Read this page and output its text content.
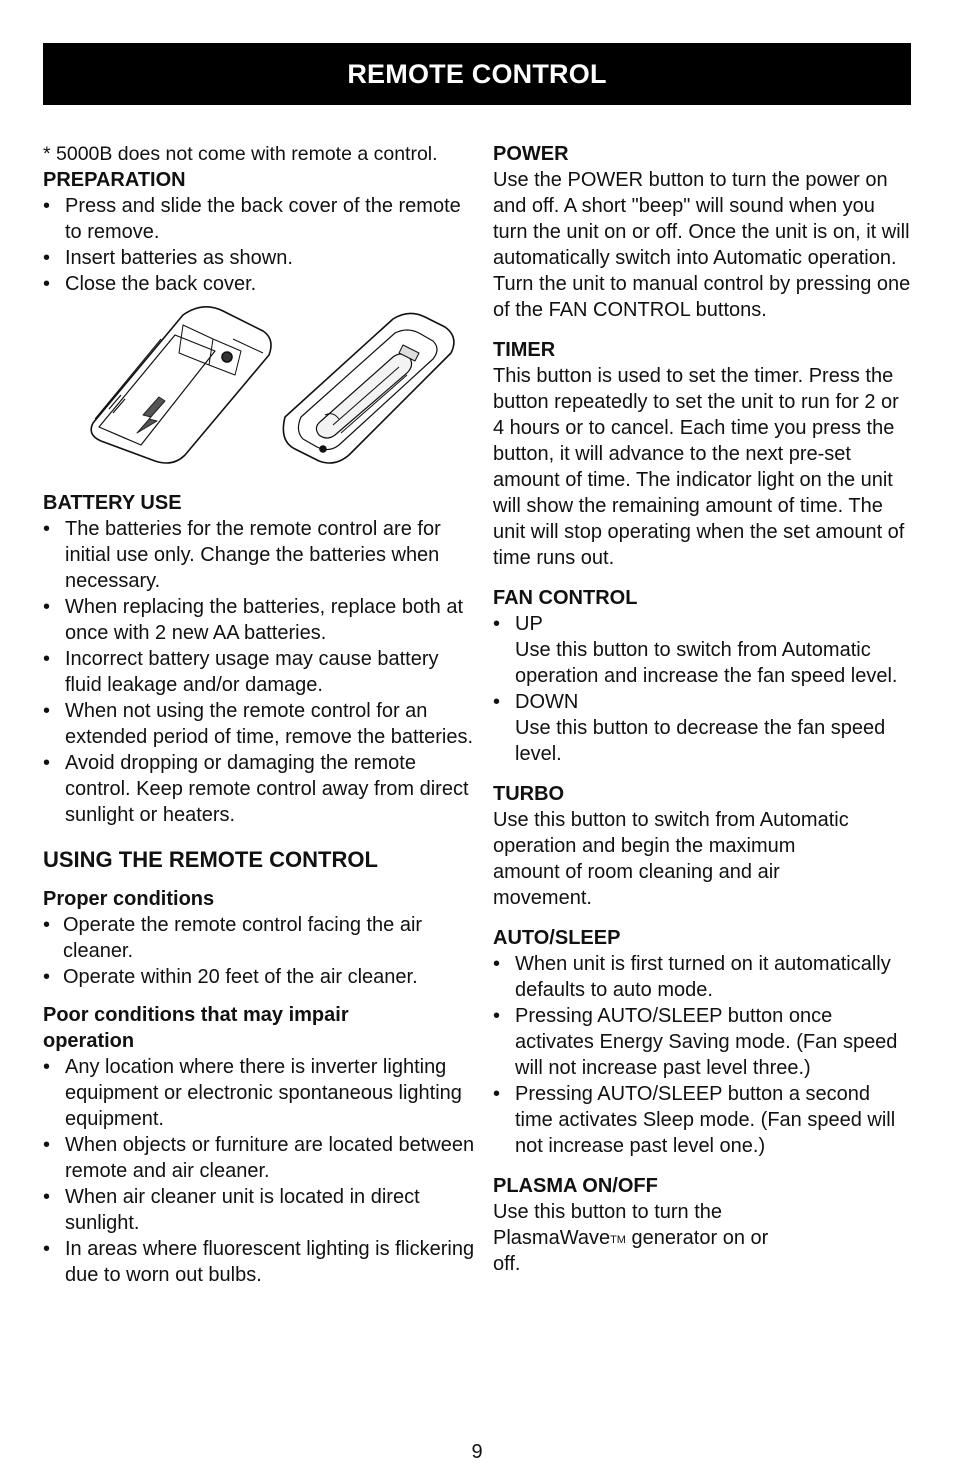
REMOTE CONTROL

* 5000B does not come with remote a control.

PREPARATION
• Press and slide the back cover of the remote to remove.
• Insert batteries as shown.
• Close the back cover.
BATTERY USE
• The batteries for the remote control are for initial use only. Change the batteries when necessary.
• When replacing the batteries, replace both at once with 2 new AA batteries.
• Incorrect battery usage may cause battery fluid leakage and/or damage.
• When not using the remote control for an extended period of time, remove the batteries.
• Avoid dropping or damaging the remote control. Keep remote control away from direct sunlight or heaters.
USING THE REMOTE CONTROL
Proper conditions
• Operate the remote control facing the air cleaner.
• Operate within 20 feet of the air cleaner.
Poor conditions that may impair operation
• Any location where there is inverter lighting equipment or electronic spontaneous lighting equipment.
• When objects or furniture are located between remote and air cleaner.
• When air cleaner unit is located in direct sunlight.
• In areas where fluorescent lighting is flickering due to worn out bulbs.
POWER

Use the POWER button to turn the power on and off. A short "beep" will sound when you turn the unit on or off. Once the unit is on, it will automatically switch into Automatic operation. Turn the unit to manual control by pressing one of the FAN CONTROL buttons.

TIMER

This button is used to set the timer. Press the button repeatedly to set the unit to run for 2 or 4 hours or to cancel. Each time you press the button, it will advance to the next pre-set amount of time. The indicator light on the unit will show the remaining amount of time. The unit will stop operating when the set amount of time runs out.

FAN CONTROL
• UP
Use this button to switch from Automatic operation and increase the fan speed level.
• DOWN
Use this button to decrease the fan speed level.
TURBO

Use this button to switch from Automatic operation and begin the maximum amount of room cleaning and air movement.

AUTO/SLEEP
• When unit is first turned on it automatically defaults to auto mode.
• Pressing AUTO/SLEEP button once activates Energy Saving mode. (Fan speed will not increase past level three.)
• Pressing AUTO/SLEEP button a second time activates Sleep mode. (Fan speed will not increase past level one.)
PLASMA ON/OFF

Use this button to turn the PlasmaWave™ generator on or off.

9
